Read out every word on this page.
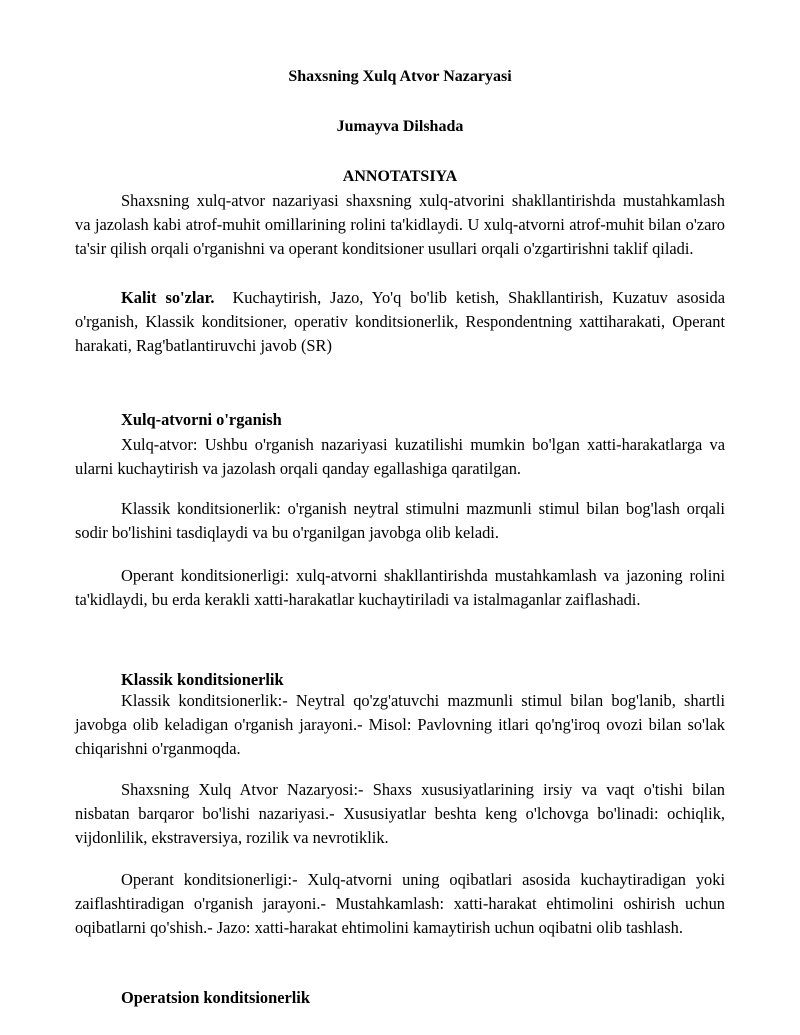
Shaxsning Xulq Atvor Nazaryasi
Jumayva Dilshada
ANNOTATSIYA

Shaxsning xulq-atvor nazariyasi shaxsning xulq-atvorini shakllantirishda mustahkamlash va jazolash kabi atrof-muhit omillarining rolini ta'kidlaydi. U xulq-atvorni atrof-muhit bilan o'zaro ta'sir qilish orqali o'rganishni va operant konditsioner usullari orqali o'zgartirishni taklif qiladi.

Kalit so'zlar. Kuchaytirish, Jazo, Yo'q bo'lib ketish, Shakllantirish, Kuzatuv asosida o'rganish, Klassik konditsioner, operativ konditsionerlik, Respondentning xattiharakati, Operant harakati, Rag'batlantiruvchi javob (SR)

Xulq-atvorni o'rganish

Xulq-atvor: Ushbu o'rganish nazariyasi kuzatilishi mumkin bo'lgan xatti-harakatlarga va ularni kuchaytirish va jazolash orqali qanday egallashiga qaratilgan.

Klassik konditsionerlik: o'rganish neytral stimulni mazmunli stimul bilan bog'lash orqali sodir bo'lishini tasdiqlaydi va bu o'rganilgan javobga olib keladi.

Operant konditsionerligi: xulq-atvorni shakllantirishda mustahkamlash va jazoning rolini ta'kidlaydi, bu erda kerakli xatti-harakatlar kuchaytiriladi va istalmaganlar zaiflashadi.

Klassik konditsionerlik

Klassik konditsionerlik:- Neytral qo'zg'atuvchi mazmunli stimul bilan bog'lanib, shartli javobga olib keladigan o'rganish jarayoni.- Misol: Pavlovning itlari qo'ng'iroq ovozi bilan so'lak chiqarishni o'rganmoqda.

Shaxsning Xulq Atvor Nazaryosi:- Shaxs xususiyatlarining irsiy va vaqt o'tishi bilan nisbatan barqaror bo'lishi nazariyasi.- Xususiyatlar beshta keng o'lchovga bo'linadi: ochiqlik, vijdonlilik, ekstraversiya, rozilik va nevrotiklik.

Operant konditsionerligi:- Xulq-atvorni uning oqibatlari asosida kuchaytiradigan yoki zaiflashtiradigan o'rganish jarayoni.- Mustahkamlash: xatti-harakat ehtimolini oshirish uchun oqibatlarni qo'shish.- Jazo: xatti-harakat ehtimolini kamaytirish uchun oqibatni olib tashlash.

Operatsion konditsionerlik
